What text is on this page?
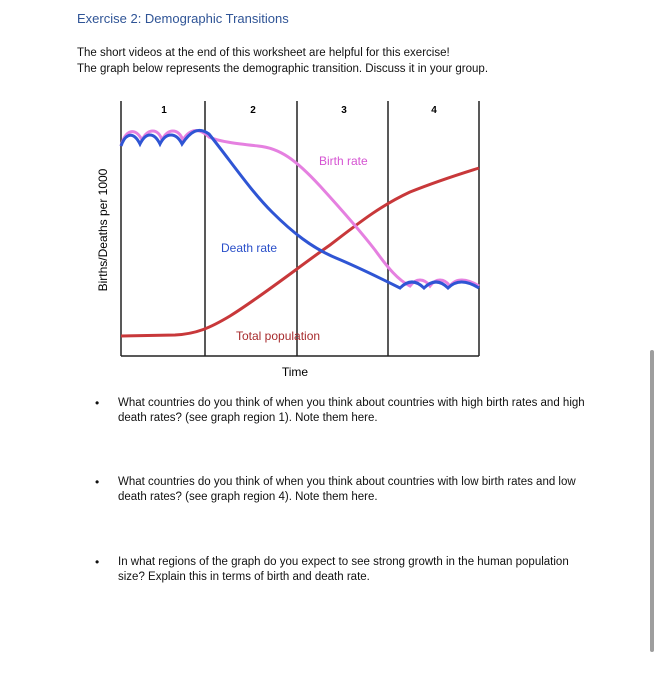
Exercise 2: Demographic Transitions
The short videos at the end of this worksheet are helpful for this exercise!
The graph below represents the demographic transition. Discuss it in your group.
1	2	3	4
Birth rate
Death rate
Total population
Time
Births/Deaths per 1000
• What countries do you think of when you think about countries with high birth rates and high death rates? (see graph region 1). Note them here.
• What countries do you think of when you think about countries with low birth rates and low death rates? (see graph region 4). Note them here.
• In what regions of the graph do you expect to see strong growth in the human population size? Explain this in terms of birth and death rate.
